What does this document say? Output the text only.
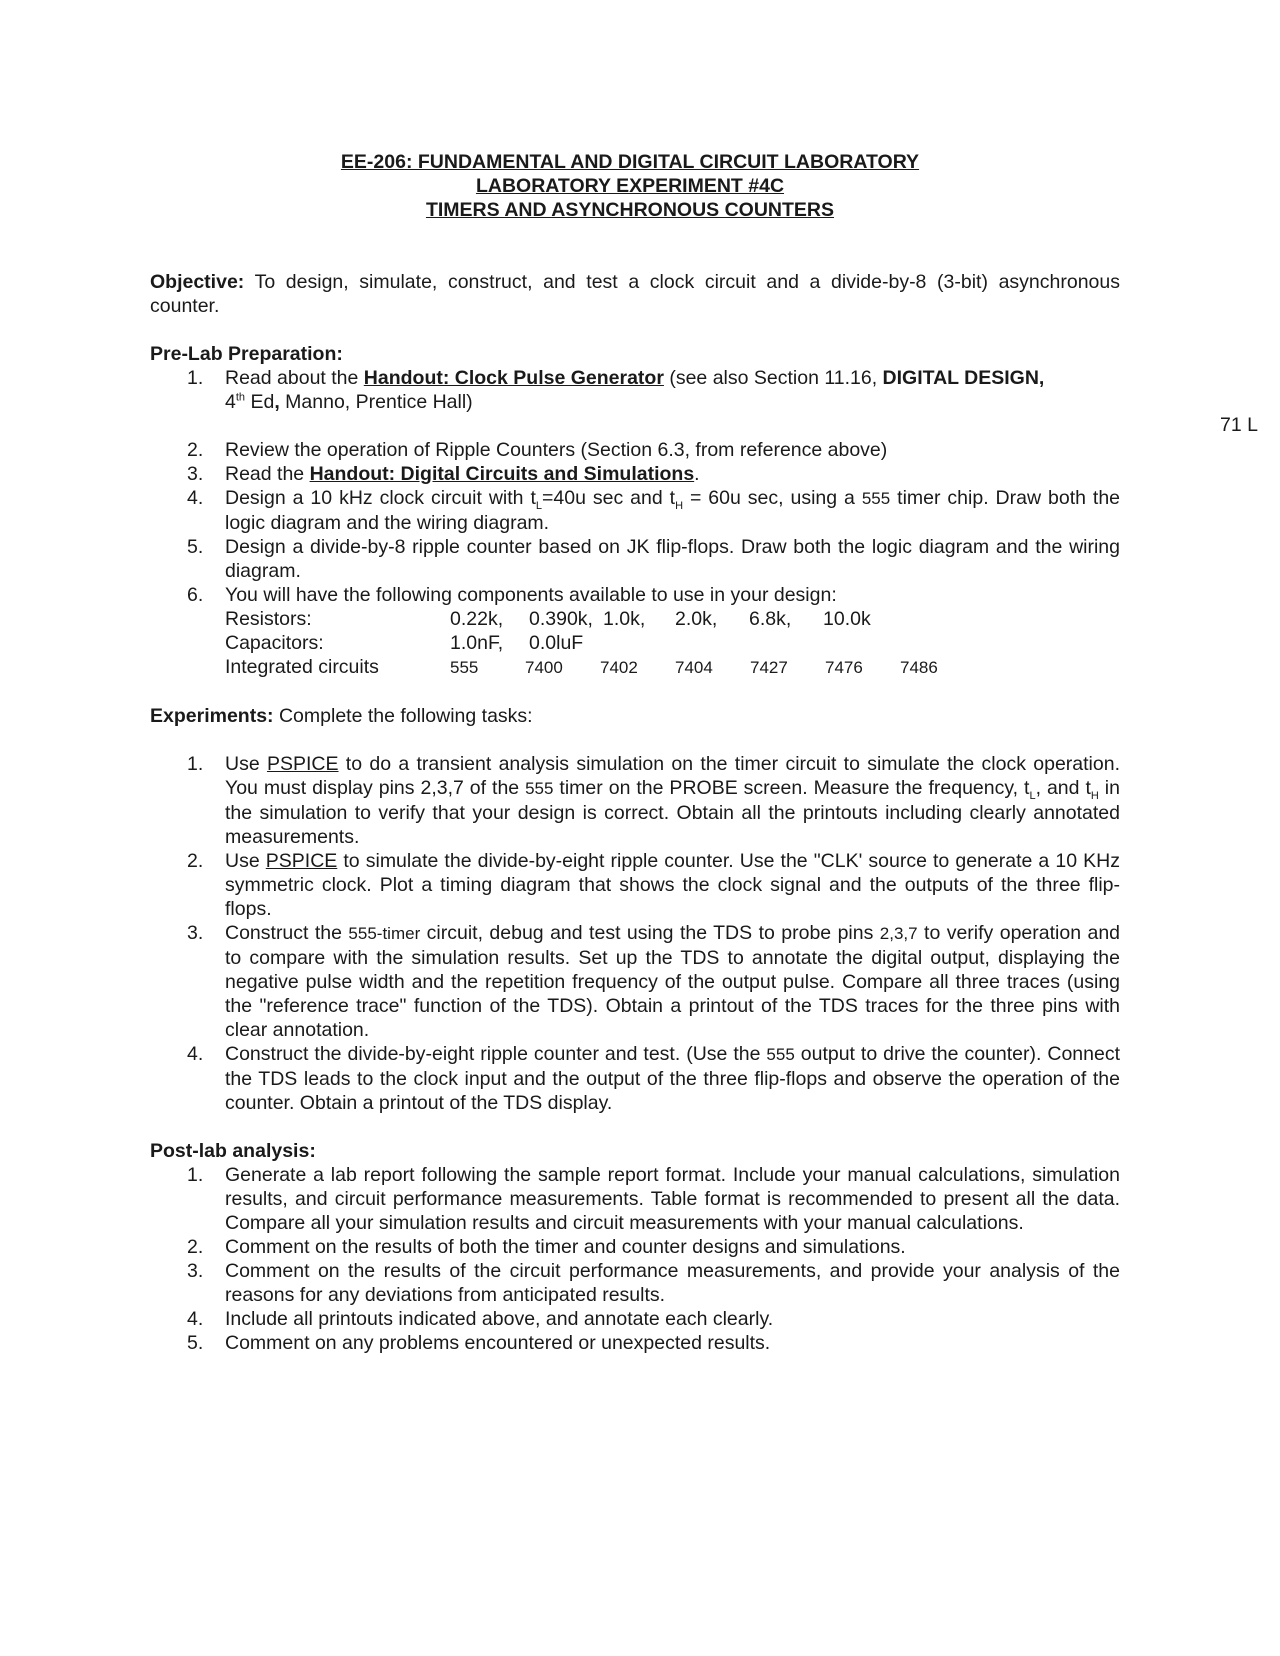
71 L
EE-206: FUNDAMENTAL AND DIGITAL CIRCUIT LABORATORY
LABORATORY EXPERIMENT #4C
TIMERS AND ASYNCHRONOUS COUNTERS

Objective: To design, simulate, construct, and test a clock circuit and a divide-by-8 (3-bit) asynchronous counter.

Pre-Lab Preparation:
1. Read about the Handout: Clock Pulse Generator (see also Section 11.16, DIGITAL DESIGN,
4th Ed, Manno, Prentice Hall)
2. Review the operation of Ripple Counters (Section 6.3, from reference above)
3. Read the Handout: Digital Circuits and Simulations.
4. Design a 10 kHz clock circuit with $t_L=40u$ sec and $t_H = 60u$ sec, using a 555 timer chip. Draw both the logic diagram and the wiring diagram.
5. Design a divide-by-8 ripple counter based on JK flip-flops. Draw both the logic diagram and the wiring diagram.
6. You will have the following components available to use in your design:
Resistors:	0.22k, 0.390k, 1.0k, 2.0k, 6.8k, 10.0k
Capacitors:	1.0nF, 0.0luF
Integrated circuits	555	7400 7402 7404 7427 7476 7486

Experiments: Complete the following tasks:

1. Use PSPICE to do a transient analysis simulation on the timer circuit to simulate the clock operation. You must display pins 2,3,7 of the 555 timer on the PROBE screen. Measure the frequency, $t_L$, and $t_H$ in the simulation to verify that your design is correct. Obtain all the printouts including clearly annotated measurements.
2. Use PSPICE to simulate the divide-by-eight ripple counter. Use the "CLK' source to generate a 10 KHz symmetric clock. Plot a timing diagram that shows the clock signal and the outputs of the three flip-flops.
3. Construct the 555-timer circuit, debug and test using the TDS to probe pins 2,3,7 to verify operation and to compare with the simulation results. Set up the TDS to annotate the digital output, displaying the negative pulse width and the repetition frequency of the output pulse. Compare all three traces (using the "reference trace" function of the TDS). Obtain a printout of the TDS traces for the three pins with clear annotation.
4. Construct the divide-by-eight ripple counter and test. (Use the 555 output to drive the counter). Connect the TDS leads to the clock input and the output of the three flip-flops and observe the operation of the counter. Obtain a printout of the TDS display.
Post-lab analysis:
1. Generate a lab report following the sample report format. Include your manual calculations, simulation results, and circuit performance measurements. Table format is recommended to present all the data. Compare all your simulation results and circuit measurements with your manual calculations.
2. Comment on the results of both the timer and counter designs and simulations.
3. Comment on the results of the circuit performance measurements, and provide your analysis of the reasons for any deviations from anticipated results.
4. Include all printouts indicated above, and annotate each clearly.
5. Comment on any problems encountered or unexpected results.
